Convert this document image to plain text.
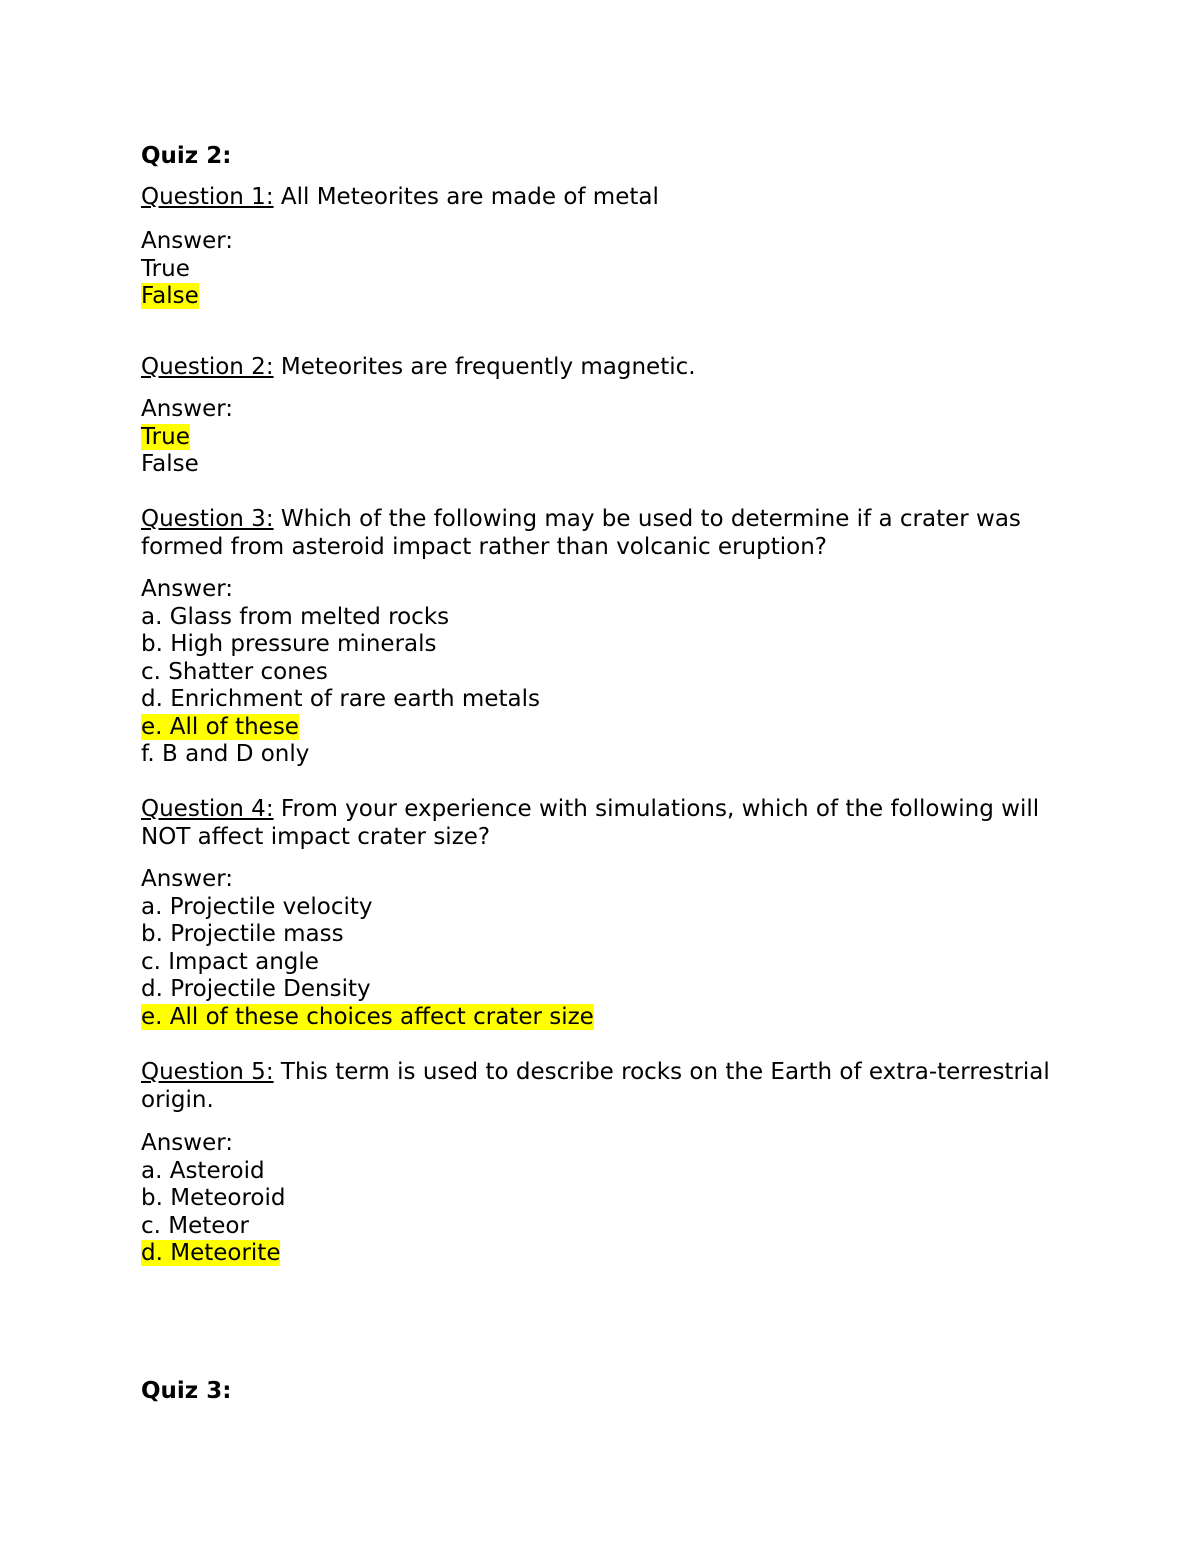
Quiz 2:
Question 1: All Meteorites are made of metal
Answer:
True
False
Question 2: Meteorites are frequently magnetic.
Answer:
True
False
Question 3: Which of the following may be used to determine if a crater was formed from asteroid impact rather than volcanic eruption?
Answer:
a. Glass from melted rocks
b. High pressure minerals
c. Shatter cones
d. Enrichment of rare earth metals
e. All of these
f. B and D only
Question 4: From your experience with simulations, which of the following will NOT affect impact crater size?
Answer:
a. Projectile velocity
b. Projectile mass
c. Impact angle
d. Projectile Density
e. All of these choices affect crater size
Question 5: This term is used to describe rocks on the Earth of extra-terrestrial origin.
Answer:
a. Asteroid
b. Meteoroid
c. Meteor
d. Meteorite
Quiz 3:
